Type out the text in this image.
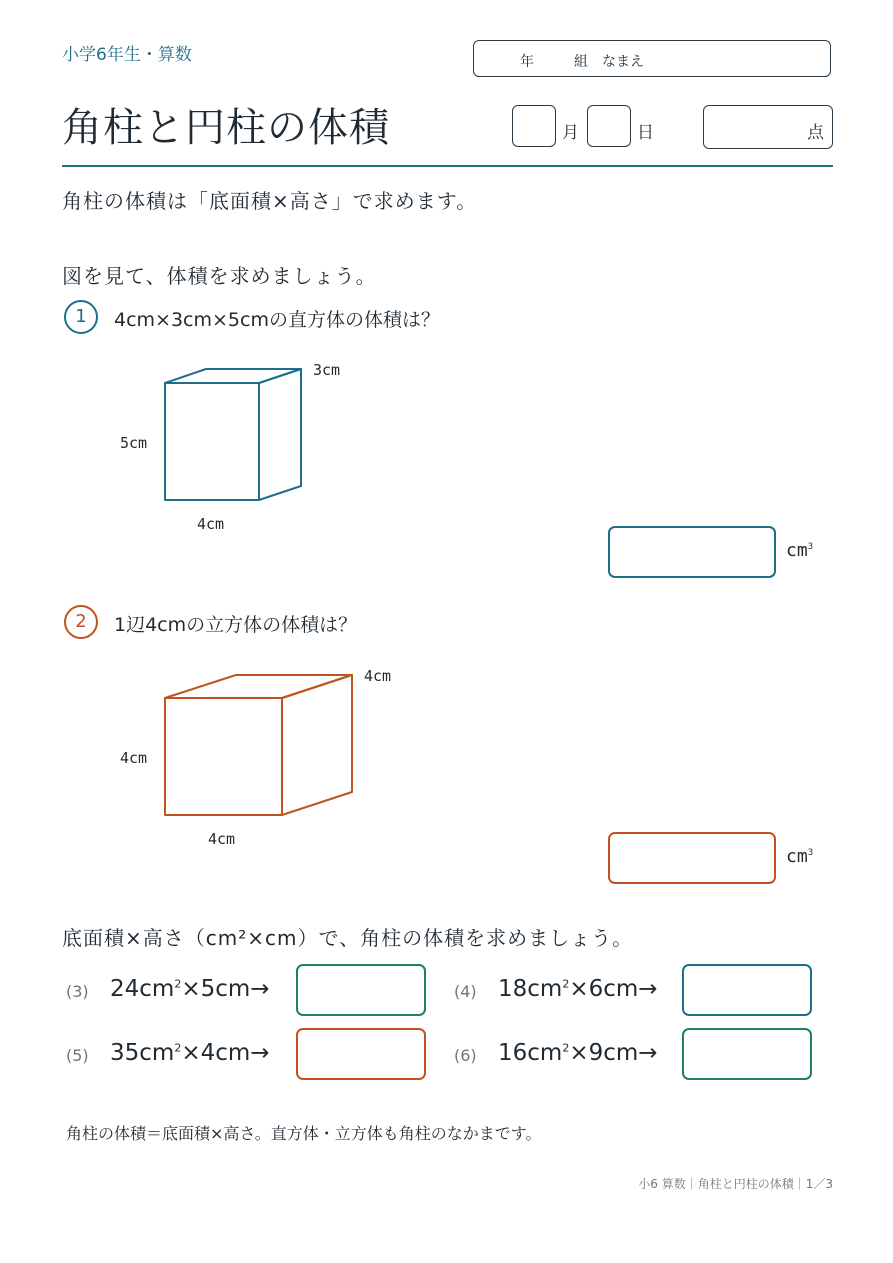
小学6年生・算数	年	組 なまえ
角柱と円柱の体積	月	日	点
角柱の体積は「底面積×高さ」で求めます。
図を見て、体積を求めましょう。
1	4cm×3cm×5cmの直方体の体積は？
3cm
5cm
4cm
$cm^3$
2	1辺4cmの立方体の体積は？
4cm
4cm
4cm
$cm^3$
底面積×高さ（cm²×cm）で、角柱の体積を求めましょう。
(3) $24cm^2\times 5cm\to$	(4) $18cm^2\times 6cm\to$
(5) $35cm^2\times 4cm\to$	(6) $16cm^2\times 9cm\to$
角柱の体積＝底面積×高さ。直方体・立方体も角柱のなかまです。
小6 算数｜角柱と円柱の体積｜1／3
